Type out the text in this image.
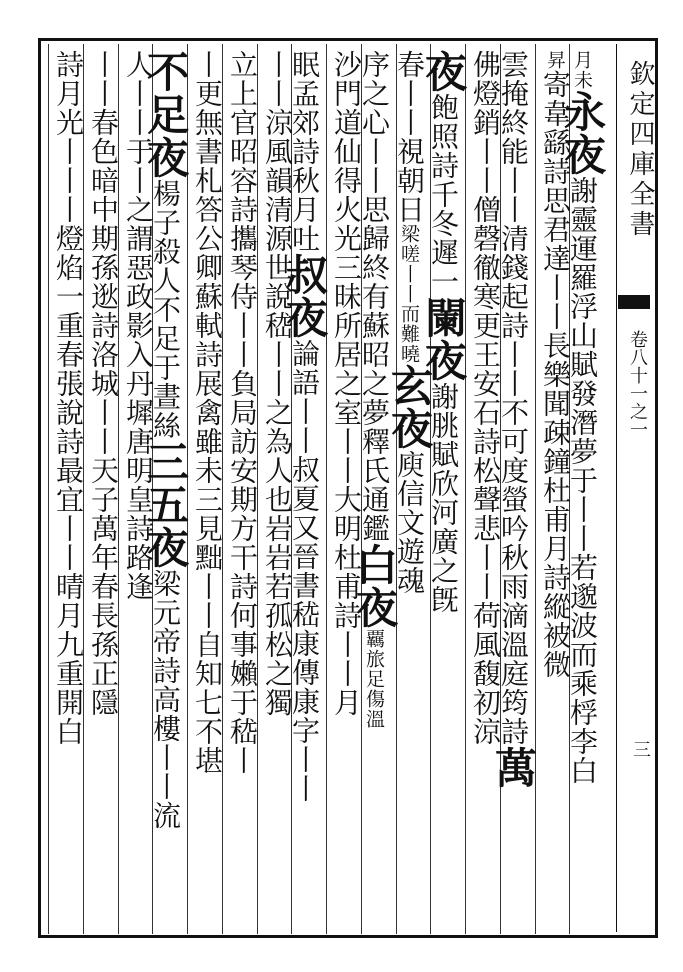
欽定四庫全書
卷八十一之一
三
月未永夜謝靈運羅浮山賦發潛夢于丨丨若邈波而乘桴李白
昇寄韋繇詩思君達丨丨長樂聞疎鐘杜甫月詩縱被微
雲掩終能丨丨清錢起詩丨丨不可度螢吟秋雨滴溫庭筠詩萬
佛燈銷丨丨僧磬徹寒更王安石詩松聲悲丨丨荷風馥初涼
夜飽照詩千冬遲一闌夜謝朓賦欣河廣之旣
春丨丨視朝日梁嗟丨丨而難曉玄夜庾信文遊魂
序之心丨丨思歸終有蘇昭之夢釋氏通鑑白夜覊旅足傷溫
沙門道仙得火光三昧所居之室丨丨大明杜甫詩丨丨月
眠孟郊詩秋月吐叔夜論語丨丨叔夏又晉書嵇康傳康字丨丨
丨丨涼風韻清源世說嵇丨丨之為人也岩岩若孤松之獨
立上官昭容詩攜琴侍丨丨負局訪安期方干詩何事嬾于嵇丨
丨更無書札答公卿蘇軾詩展禽雖未三見黜丨丨自知七不堪
不足夜楊子殺人不足于晝絲三五夜梁元帝詩高樓丨丨流
人丨丨于丨之謂惡政影入丹墀唐明皇詩路逢
丨丨春色暗中期孫逖詩洛城丨丨天子萬年春長孫正隱
詩月光丨丨丨燈焰一重春張說詩最宜丨丨晴月九重開白
